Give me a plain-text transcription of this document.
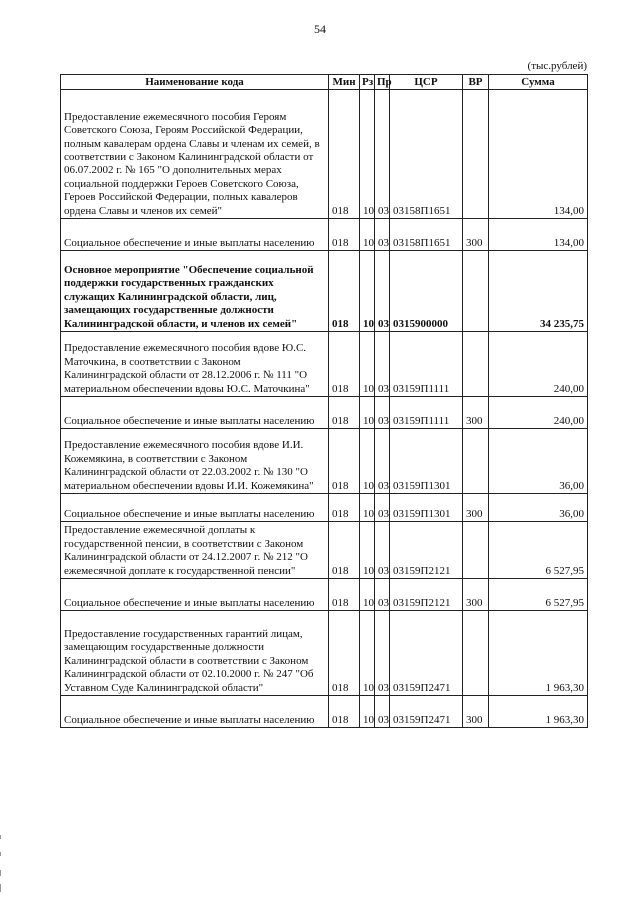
54
(тыс.рублей)
Наименование кода	Мин	Рз	Пр	ЦСР	ВР	Сумма
Предоставление ежемесячного пособия Героям Советского Союза, Героям Российской Федерации, полным кавалерам ордена Славы и членам их семей, в соответствии с Законом Калининградской области от 06.07.2002 г. № 165 "О дополнительных мерах социальной поддержки Героев Советского Союза, Героев Российской Федерации, полных кавалеров ордена Славы и членов их семей"	018	10	03	03158П1651		134,00
Социальное обеспечение и иные выплаты населению	018	10	03	03158П1651	300	134,00
Основное мероприятие "Обеспечение социальной поддержки государственных гражданских служащих Калининградской области, лиц, замещающих государственные должности Калининградской области, и членов их семей"	018	10	03	0315900000		34 235,75
Предоставление ежемесячного пособия вдове Ю.С. Маточкина, в соответствии с Законом Калининградской области от 28.12.2006 г. № 111 "О материальном обеспечении вдовы Ю.С. Маточкина"	018	10	03	03159П1111		240,00
Социальное обеспечение и иные выплаты населению	018	10	03	03159П1111	300	240,00
Предоставление ежемесячного пособия вдове И.И. Кожемякина, в соответствии с Законом Калининградской области от 22.03.2002 г. № 130 "О материальном обеспечении вдовы И.И. Кожемякина"	018	10	03	03159П1301		36,00
Социальное обеспечение и иные выплаты населению	018	10	03	03159П1301	300	36,00
Предоставление ежемесячной доплаты к государственной пенсии, в соответствии с Законом Калининградской области от 24.12.2007 г. № 212 "О ежемесячной доплате к государственной пенсии"	018	10	03	03159П2121		6 527,95
Социальное обеспечение и иные выплаты населению	018	10	03	03159П2121	300	6 527,95
Предоставление государственных гарантий лицам, замещающим государственные должности Калининградской области в соответствии с Законом Калининградской области от 02.10.2000 г. № 247 "Об Уставном Суде Калининградской области"	018	10	03	03159П2471		1 963,30
Социальное обеспечение и иные выплаты населению	018	10	03	03159П2471	300	1 963,30
